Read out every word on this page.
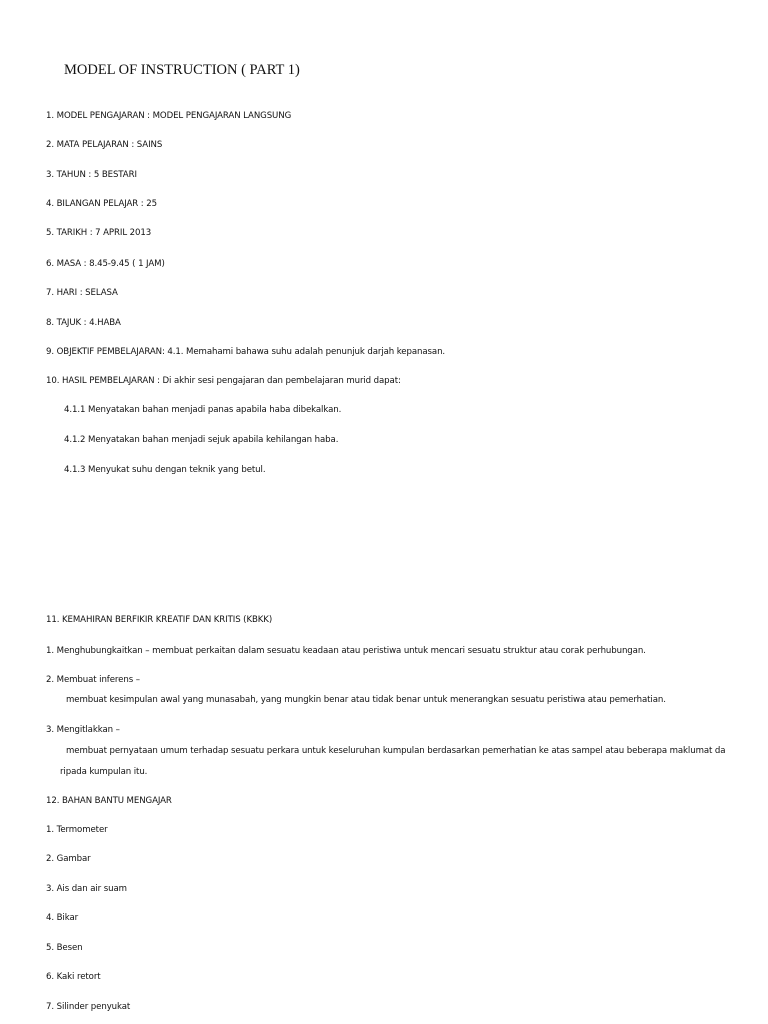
MODEL OF INSTRUCTION ( PART 1)
1. MODEL PENGAJARAN : MODEL PENGAJARAN LANGSUNG
2. MATA PELAJARAN : SAINS
3. TAHUN : 5 BESTARI
4. BILANGAN PELAJAR : 25
5. TARIKH : 7 APRIL 2013
6. MASA : 8.45-9.45 ( 1 JAM)
7. HARI : SELASA
8. TAJUK : 4.HABA
9. OBJEKTIF PEMBELAJARAN: 4.1. Memahami bahawa suhu adalah penunjuk darjah kepanasan.
10. HASIL PEMBELAJARAN : Di akhir sesi pengajaran dan pembelajaran murid dapat:
4.1.1 Menyatakan bahan menjadi panas apabila haba dibekalkan.
4.1.2 Menyatakan bahan menjadi sejuk apabila kehilangan haba.
4.1.3 Menyukat suhu dengan teknik yang betul.
11. KEMAHIRAN BERFIKIR KREATIF DAN KRITIS (KBKK)
1. Menghubungkaitkan – membuat perkaitan dalam sesuatu keadaan atau peristiwa untuk mencari sesuatu struktur atau corak perhubungan.
2. Membuat inferens –
membuat kesimpulan awal yang munasabah, yang mungkin benar atau tidak benar untuk menerangkan sesuatu peristiwa atau pemerhatian.
3. Mengitlakkan –
membuat pernyataan umum terhadap sesuatu perkara untuk keseluruhan kumpulan berdasarkan pemerhatian ke atas sampel atau beberapa maklumat da
ripada kumpulan itu.
12. BAHAN BANTU MENGAJAR
1. Termometer
2. Gambar
3. Ais dan air suam
4. Bikar
5. Besen
6. Kaki retort
7. Silinder penyukat
